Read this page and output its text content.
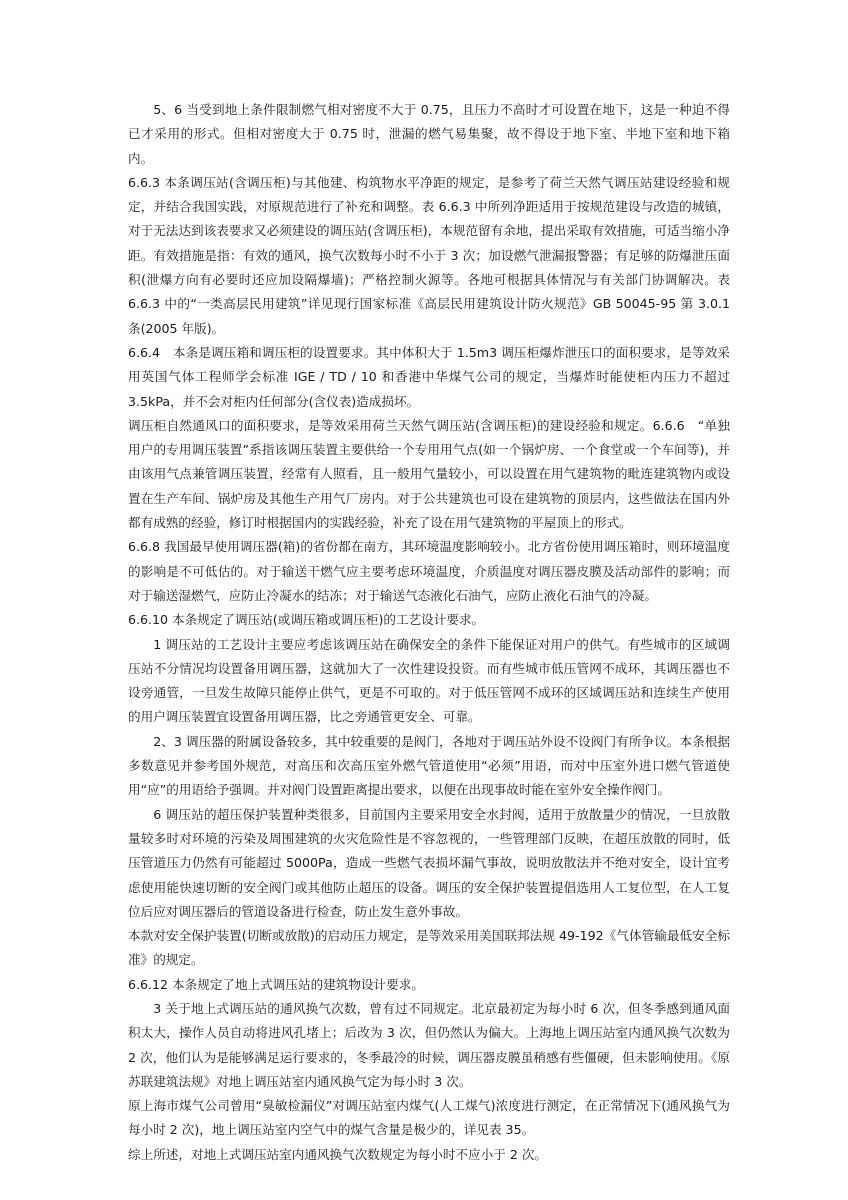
5、6 当受到地上条件限制燃气相对密度不大于 0.75，且压力不高时才可设置在地下，这是一种迫不得已才采用的形式。但相对密度大于 0.75 时，泄漏的燃气易集聚，故不得设于地下室、半地下室和地下箱内。

6.6.3 本条调压站(含调压柜)与其他建、构筑物水平净距的规定，是参考了荷兰天然气调压站建设经验和规定，并结合我国实践，对原规范进行了补充和调整。表 6.6.3 中所列净距适用于按规范建设与改造的城镇，对于无法达到该表要求又必须建设的调压站(含调压柜)，本规范留有余地，提出采取有效措施，可适当缩小净距。有效措施是指：有效的通风，换气次数每小时不小于 3 次；加设燃气泄漏报警器；有足够的防爆泄压面积(泄爆方向有必要时还应加设隔爆墙)；严格控制火源等。各地可根据具体情况与有关部门协调解决。表 6.6.3 中的“一类高层民用建筑”详见现行国家标准《高层民用建筑设计防火规范》GB 50045-95 第 3.0.1 条(2005 年版)。

6.6.4　本条是调压箱和调压柜的设置要求。其中体积大于 1.5m3 调压柜爆炸泄压口的面积要求，是等效采用英国气体工程师学会标准 IGE / TD / 10 和香港中华煤气公司的规定，当爆炸时能使柜内压力不超过 3.5kPa，并不会对柜内任何部分(含仪表)造成损坏。

调压柜自然通风口的面积要求，是等效采用荷兰天然气调压站(含调压柜)的建设经验和规定。6.6.6　“单独用户的专用调压装置”系指该调压装置主要供给一个专用用气点(如一个锅炉房、一个食堂或一个车间等)，并由该用气点兼管调压装置，经常有人照看，且一般用气量较小，可以设置在用气建筑物的毗连建筑物内或设置在生产车间、锅炉房及其他生产用气厂房内。对于公共建筑也可设在建筑物的顶层内，这些做法在国内外都有成熟的经验，修订时根据国内的实践经验，补充了设在用气建筑物的平屋顶上的形式。

6.6.8 我国最早使用调压器(箱)的省份都在南方，其环境温度影响较小。北方省份使用调压箱时，则环境温度的影响是不可低估的。对于输送干燃气应主要考虑环境温度，介质温度对调压器皮膜及活动部件的影响；而对于输送湿燃气，应防止冷凝水的结冻；对于输送气态液化石油气，应防止液化石油气的冷凝。

6.6.10 本条规定了调压站(或调压箱或调压柜)的工艺设计要求。

1 调压站的工艺设计主要应考虑该调压站在确保安全的条件下能保证对用户的供气。有些城市的区域调压站不分情况均设置备用调压器，这就加大了一次性建设投资。而有些城市低压管网不成环，其调压器也不设旁通管，一旦发生故障只能停止供气，更是不可取的。对于低压管网不成环的区域调压站和连续生产使用的用户调压装置宜设置备用调压器，比之旁通管更安全、可靠。

2、3 调压器的附属设备较多，其中较重要的是阀门，各地对于调压站外设不设阀门有所争议。本条根据多数意见并参考国外规范，对高压和次高压室外燃气管道使用“必须”用语，而对中压室外进口燃气管道使用“应”的用语给予强调。并对阀门设置距离提出要求，以便在出现事故时能在室外安全操作阀门。

6 调压站的超压保护装置种类很多，目前国内主要采用安全水封阀，适用于放散量少的情况，一旦放散量较多时对环境的污染及周围建筑的火灾危险性是不容忽视的，一些管理部门反映，在超压放散的同时，低压管道压力仍然有可能超过 5000Pa，造成一些燃气表损坏漏气事故，说明放散法并不绝对安全，设计宜考虑使用能快速切断的安全阀门或其他防止超压的设备。调压的安全保护装置提倡选用人工复位型，在人工复位后应对调压器后的管道设备进行检查，防止发生意外事故。

本款对安全保护装置(切断或放散)的启动压力规定，是等效采用美国联邦法规 49-192《气体管输最低安全标准》的规定。

6.6.12 本条规定了地上式调压站的建筑物设计要求。

3 关于地上式调压站的通风换气次数，曾有过不同规定。北京最初定为每小时 6 次，但冬季感到通风面积太大，操作人员自动将进风孔堵上；后改为 3 次，但仍然认为偏大。上海地上调压站室内通风换气次数为 2 次，他们认为是能够满足运行要求的，冬季最冷的时候，调压器皮膜虽稍感有些僵硬，但未影响使用。《原苏联建筑法规》对地上调压站室内通风换气定为每小时 3 次。

原上海市煤气公司曾用“臭敏检漏仪”对调压站室内煤气(人工煤气)浓度进行测定，在正常情况下(通风换气为每小时 2 次)，地上调压站室内空气中的煤气含量是极少的，详见表 35。

综上所述，对地上式调压站室内通风换气次数规定为每小时不应小于 2 次。
